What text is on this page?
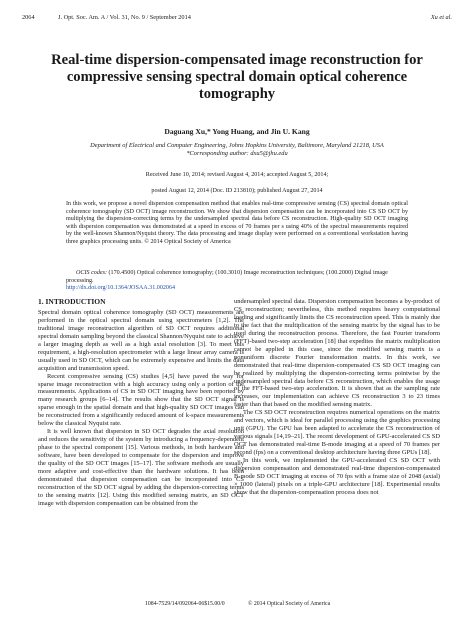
2064	J. Opt. Soc. Am. A / Vol. 31, No. 9 / September 2014	Xu et al.
Real-time dispersion-compensated image reconstruction for compressive sensing spectral domain optical coherence tomography
Daguang Xu,* Yong Huang, and Jin U. Kang
Department of Electrical and Computer Engineering, Johns Hopkins University, Baltimore, Maryland 21218, USA
*Corresponding author: dxu5@jhu.edu
Received June 10, 2014; revised August 4, 2014; accepted August 5, 2014;
posted August 12, 2014 (Doc. ID 213810); published August 27, 2014

In this work, we propose a novel dispersion compensation method that enables real-time compressive sensing (CS) spectral domain optical coherence tomography (SD OCT) image reconstruction. We show that dispersion compensation can be incorporated into CS SD OCT by multiplying the dispersion-correcting terms by the undersampled spectral data before CS reconstruction. High-quality SD OCT imaging with dispersion compensation was demonstrated at a speed in excess of 70 frames per s using 40% of the spectral measurements required by the well-known Shannon/Nyquist theory. The data processing and image display were performed on a conventional workstation having three graphics processing units. © 2014 Optical Society of America

OCIS codes: (170.4500) Optical coherence tomography; (100.3010) Image reconstruction techniques; (100.2000) Digital image processing.
http://dx.doi.org/10.1364/JOSAA.31.002064
1. INTRODUCTION

Spectral domain optical coherence tomography (SD OCT) measurements are performed in the optical spectral domain using spectrometers [1,2]. The traditional image reconstruction algorithm of SD OCT requires additional spectral domain sampling beyond the classical Shannon/Nyquist rate to achieve a larger imaging depth as well as a high axial resolution [3]. To meet this requirement, a high-resolution spectrometer with a large linear array camera is usually used in SD OCT, which can be extremely expensive and limits the data acquisition and transmission speed.

Recent compressive sensing (CS) studies [4,5] have paved the way for sparse image reconstruction with a high accuracy using only a portion of the measurements. Applications of CS in SD OCT imaging have been reported by many research groups [6–14]. The results show that the SD OCT signal is sparse enough in the spatial domain and that high-quality SD OCT images can be reconstructed from a significantly reduced amount of k-space measurements below the classical Nyquist rate.

It is well known that dispersion in SD OCT degrades the axial resolution and reduces the sensitivity of the system by introducing a frequency-dependent phase to the spectral component [15]. Various methods, in both hardware and software, have been developed to compensate for the dispersion and improve the quality of the SD OCT images [15–17]. The software methods are usually more adaptive and cost-effective than the hardware solutions. It has been demonstrated that dispersion compensation can be incorporated into CS reconstruction of the SD OCT signal by adding the dispersion-correcting terms to the sensing matrix [12]. Using this modified sensing matrix, an SD OCT image with dispersion compensation can be obtained from the

undersampled spectral data. Dispersion compensation becomes a by-product of CS reconstruction; nevertheless, this method requires heavy computational loading and significantly limits the CS reconstruction speed. This is mainly due to the fact that the multiplication of the sensing matrix by the signal has to be used during the reconstruction process. Therefore, the fast Fourier transform (FFT)-based two-step acceleration [18] that expedites the matrix multiplication cannot be applied in this case, since the modified sensing matrix is a nonuniform discrete Fourier transformation matrix. In this work, we demonstrated that real-time dispersion-compensated CS SD OCT imaging can be realized by multiplying the dispersion-correcting terms pointwise by the undersampled spectral data before CS reconstruction, which enables the usage of the FFT-based two-step acceleration. It is shown that as the sampling rate increases, our implementation can achieve CS reconstruction 3 to 23 times faster than that based on the modified sensing matrix.

The CS SD OCT reconstruction requires numerical operations on the matrix and vectors, which is ideal for parallel processing using the graphics processing unit (GPU). The GPU has been adapted to accelerate the CS reconstruction of various signals [14,19–21]. The recent development of GPU-accelerated CS SD OCT has demonstrated real-time B-mode imaging at a speed of 70 frames per second (fps) on a conventional desktop architecture having three GPUs [18].

In this work, we implemented the GPU-accelerated CS SD OCT with dispersion compensation and demonstrated real-time dispersion-compensated B-mode SD OCT imaging at excess of 70 fps with a frame size of 2048 (axial) × 1000 (lateral) pixels on a triple-GPU architecture [18]. Experimental results show that the dispersion-compensation process does not

1084-7529/14/092064-06$15.00/0	© 2014 Optical Society of America
